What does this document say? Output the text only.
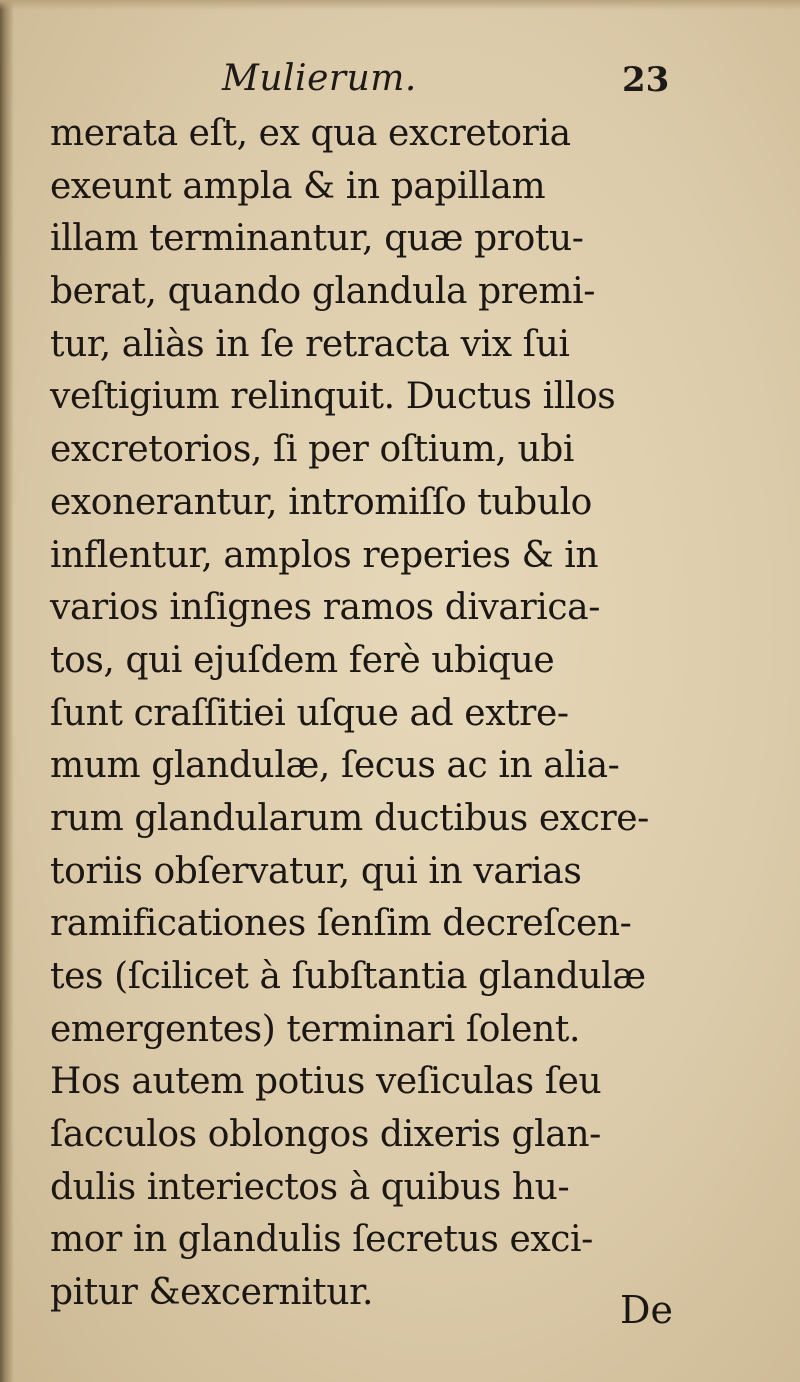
Mulierum.	23
merata eſt, ex qua excretoria
exeunt ampla & in papillam
illam terminantur, quæ protu-
berat, quando glandula premi-
tur, aliàs in ſe retracta vix ſui
veſtigium relinquit. Ductus illos
excretorios, ſi per oſtium, ubi
exonerantur, intromiſſo tubulo
inflentur, amplos reperies & in
varios inſignes ramos divarica-
tos, qui ejuſdem ferè ubique
ſunt craſſitiei uſque ad extre-
mum glandulæ, ſecus ac in alia-
rum glandularum ductibus excre-
toriis obſervatur, qui in varias
ramificationes ſenſim decreſcen-
tes (ſcilicet à ſubſtantia glandulæ
emergentes) terminari ſolent.
Hos autem potius veſiculas ſeu
ſacculos oblongos dixeris glan-
dulis interiectos à quibus hu-
mor in glandulis ſecretus exci-
pitur &excernitur.	De
